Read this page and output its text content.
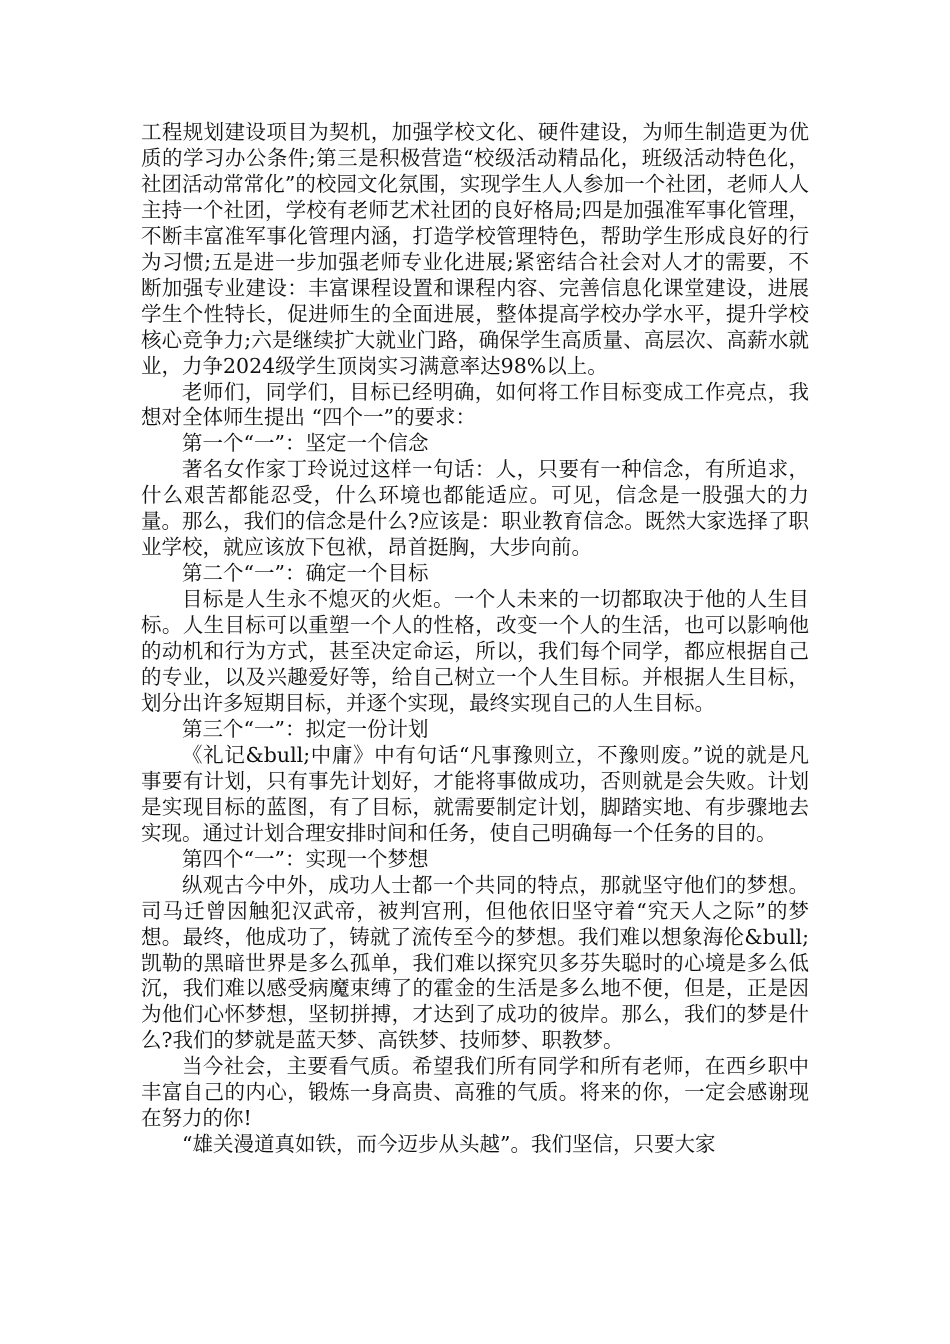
工程规划建设项目为契机，加强学校文化、硬件建设，为师生制造更为优质的学习办公条件;第三是积极营造“校级活动精品化，班级活动特色化，社团活动常常化”的校园文化氛围，实现学生人人参加一个社团，老师人人主持一个社团，学校有老师艺术社团的良好格局;四是加强准军事化管理，不断丰富准军事化管理内涵，打造学校管理特色，帮助学生形成良好的行为习惯;五是进一步加强老师专业化进展;紧密结合社会对人才的需要，不断加强专业建设：丰富课程设置和课程内容、完善信息化课堂建设，进展学生个性特长，促进师生的全面进展，整体提高学校办学水平，提升学校核心竞争力;六是继续扩大就业门路，确保学生高质量、高层次、高薪水就业，力争2024级学生顶岗实习满意率达98%以上。

老师们，同学们，目标已经明确，如何将工作目标变成工作亮点，我想对全体师生提出 “四个一”的要求：

第一个“一”：坚定一个信念

著名女作家丁玲说过这样一句话：人，只要有一种信念，有所追求，什么艰苦都能忍受，什么环境也都能适应。可见，信念是一股强大的力量。那么，我们的信念是什么?应该是：职业教育信念。既然大家选择了职业学校，就应该放下包袱，昂首挺胸，大步向前。

第二个“一”：确定一个目标

目标是人生永不熄灭的火炬。一个人未来的一切都取决于他的人生目标。人生目标可以重塑一个人的性格，改变一个人的生活，也可以影响他的动机和行为方式，甚至决定命运，所以，我们每个同学，都应根据自己的专业，以及兴趣爱好等，给自己树立一个人生目标。并根据人生目标，划分出许多短期目标，并逐个实现，最终实现自己的人生目标。

第三个“一”：拟定一份计划

《礼记&bull;中庸》中有句话“凡事豫则立，不豫则废。”说的就是凡事要有计划，只有事先计划好，才能将事做成功，否则就是会失败。计划是实现目标的蓝图，有了目标，就需要制定计划，脚踏实地、有步骤地去实现。通过计划合理安排时间和任务，使自己明确每一个任务的目的。

第四个“一”：实现一个梦想

纵观古今中外，成功人士都一个共同的特点，那就坚守他们的梦想。司马迁曾因触犯汉武帝，被判宫刑，但他依旧坚守着“究天人之际”的梦想。最终，他成功了，铸就了流传至今的梦想。我们难以想象海伦&bull;凯勒的黑暗世界是多么孤单，我们难以探究贝多芬失聪时的心境是多么低沉，我们难以感受病魔束缚了的霍金的生活是多么地不便，但是，正是因为他们心怀梦想，坚韧拼搏，才达到了成功的彼岸。那么，我们的梦是什么?我们的梦就是蓝天梦、高铁梦、技师梦、职教梦。

当今社会，主要看气质。希望我们所有同学和所有老师，在西乡职中丰富自己的内心，锻炼一身高贵、高雅的气质。将来的你，一定会感谢现在努力的你!

“雄关漫道真如铁，而今迈步从头越”。我们坚信，只要大家
